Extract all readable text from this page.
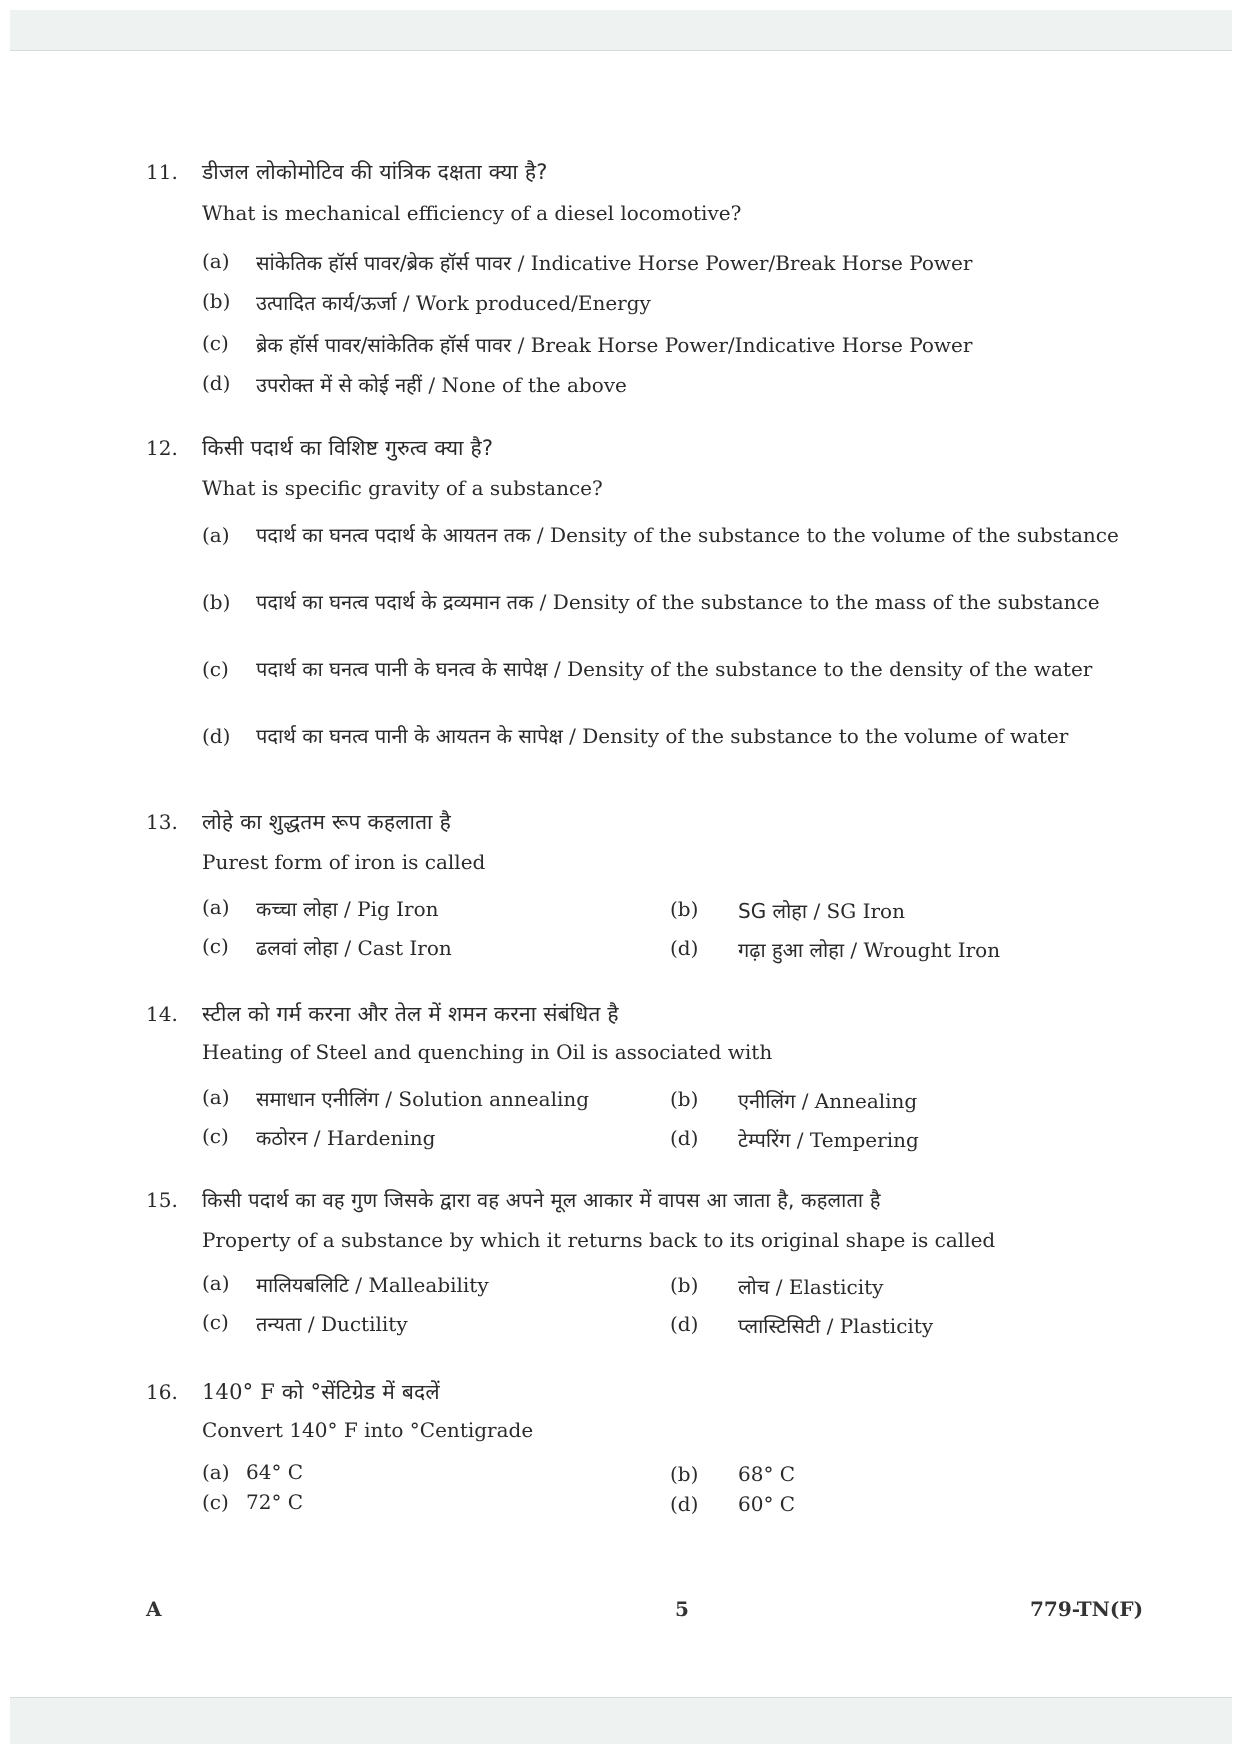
11. डीजल लोकोमोटिव की यांत्रिक दक्षता क्या है?
What is mechanical efficiency of a diesel locomotive?
(a) सांकेतिक हॉर्स पावर/ब्रेक हॉर्स पावर / Indicative Horse Power/Break Horse Power
(b) उत्पादित कार्य/ऊर्जा / Work produced/Energy
(c) ब्रेक हॉर्स पावर/सांकेतिक हॉर्स पावर / Break Horse Power/Indicative Horse Power
(d) उपरोक्त में से कोई नहीं / None of the above
12. किसी पदार्थ का विशिष्ट गुरुत्व क्या है?
What is specific gravity of a substance?
(a) पदार्थ का घनत्व पदार्थ के आयतन तक / Density of the substance to the volume of the substance
(b) पदार्थ का घनत्व पदार्थ के द्रव्यमान तक / Density of the substance to the mass of the substance
(c) पदार्थ का घनत्व पानी के घनत्व के सापेक्ष / Density of the substance to the density of the water
(d) पदार्थ का घनत्व पानी के आयतन के सापेक्ष / Density of the substance to the volume of water
13. लोहे का शुद्धतम रूप कहलाता है
Purest form of iron is called
(a) कच्चा लोहा / Pig Iron	(b) SG लोहा / SG Iron
(c) ढलवां लोहा / Cast Iron	(d) गढ़ा हुआ लोहा / Wrought Iron
14. स्टील को गर्म करना और तेल में शमन करना संबंधित है
Heating of Steel and quenching in Oil is associated with
(a) समाधान एनीलिंग / Solution annealing	(b) एनीलिंग / Annealing
(c) कठोरन / Hardening	(d) टेम्परिंग / Tempering
15. किसी पदार्थ का वह गुण जिसके द्वारा वह अपने मूल आकार में वापस आ जाता है, कहलाता है
Property of a substance by which it returns back to its original shape is called
(a) मालियबलिटि / Malleability	(b) लोच / Elasticity
(c) तन्यता / Ductility	(d) प्लास्टिसिटी / Plasticity
16. 140° F को °सेंटिग्रेड में बदलें
Convert 140° F into °Centigrade
(a) 64° C	(b) 68° C
(c) 72° C	(d) 60° C
A	5	779-TN(F)
